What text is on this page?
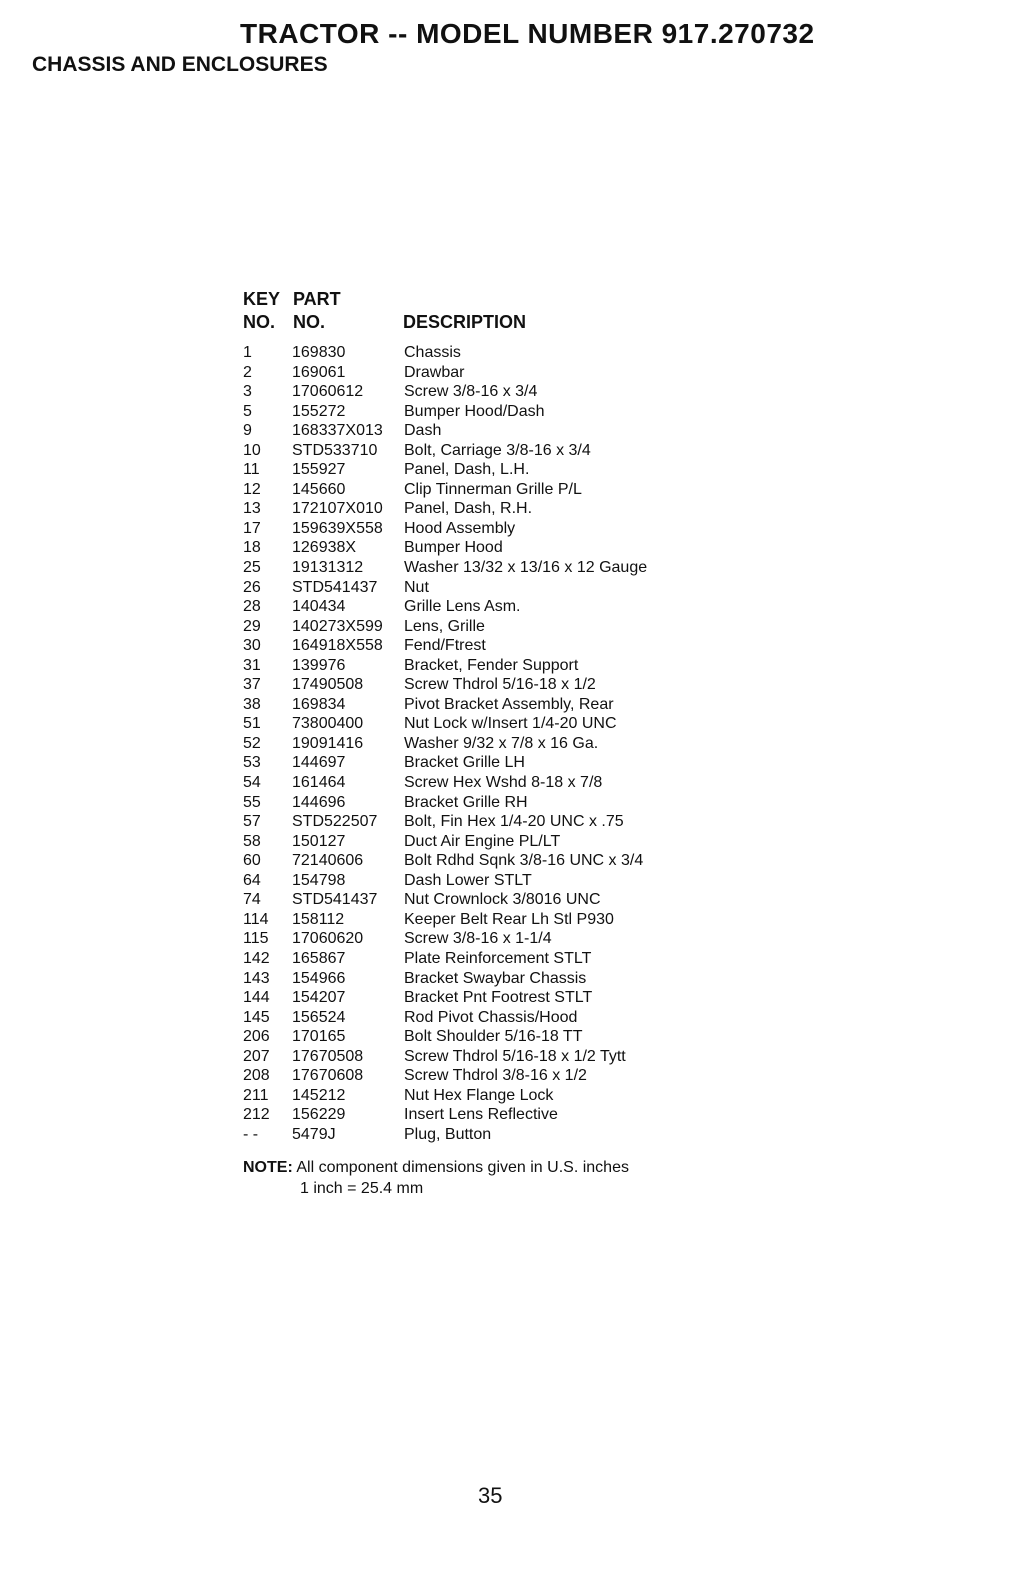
TRACTOR -- MODEL NUMBER 917.270732
CHASSIS AND ENCLOSURES
KEY PART
NO. NO.	DESCRIPTION
1	169830	Chassis
2	169061	Drawbar
3	17060612	Screw 3/8-16 x 3/4
5	155272	Bumper Hood/Dash
9	168337X013 Dash
10 STD533710 Bolt, Carriage 3/8-16 x 3/4
11 155927	Panel, Dash, L.H.
12 145660	Clip Tinnerman Grille P/L
13 172107X010 Panel, Dash, R.H.
17 159639X558 Hood Assembly
18 126938X	Bumper Hood
25 19131312	Washer 13/32 x 13/16 x 12 Gauge
26 STD541437 Nut
28 140434	Grille Lens Asm.
29 140273X599 Lens, Grille
30 164918X558 Fend/Ftrest
31 139976	Bracket, Fender Support
37 17490508	Screw Thdrol 5/16-18 x 1/2
38 169834	Pivot Bracket Assembly, Rear
51 73800400	Nut Lock w/Insert 1/4-20 UNC
52 19091416	Washer 9/32 x 7/8 x 16 Ga.
53 144697	Bracket Grille LH
54 161464	Screw Hex Wshd 8-18 x 7/8
55 144696	Bracket Grille RH
57 STD522507 Bolt, Fin Hex 1/4-20 UNC x .75
58 150127	Duct Air Engine PL/LT
60 72140606	Bolt Rdhd Sqnk 3/8-16 UNC x 3/4
64 154798	Dash Lower STLT
74 STD541437 Nut Crownlock 3/8016 UNC
114 158112	Keeper Belt Rear Lh Stl P930
115 17060620	Screw 3/8-16 x 1-1/4
142 165867	Plate Reinforcement STLT
143 154966	Bracket Swaybar Chassis
144 154207	Bracket Pnt Footrest STLT
145 156524	Rod Pivot Chassis/Hood
206 170165	Bolt Shoulder 5/16-18 TT
207 17670508	Screw Thdrol 5/16-18 x 1/2 Tytt
208 17670608	Screw Thdrol 3/8-16 x 1/2
211 145212	Nut Hex Flange Lock
212 156229	Insert Lens Reflective
- - 5479J	Plug, Button
NOTE: All component dimensions given in U.S. inches
1 inch = 25.4 mm
35
